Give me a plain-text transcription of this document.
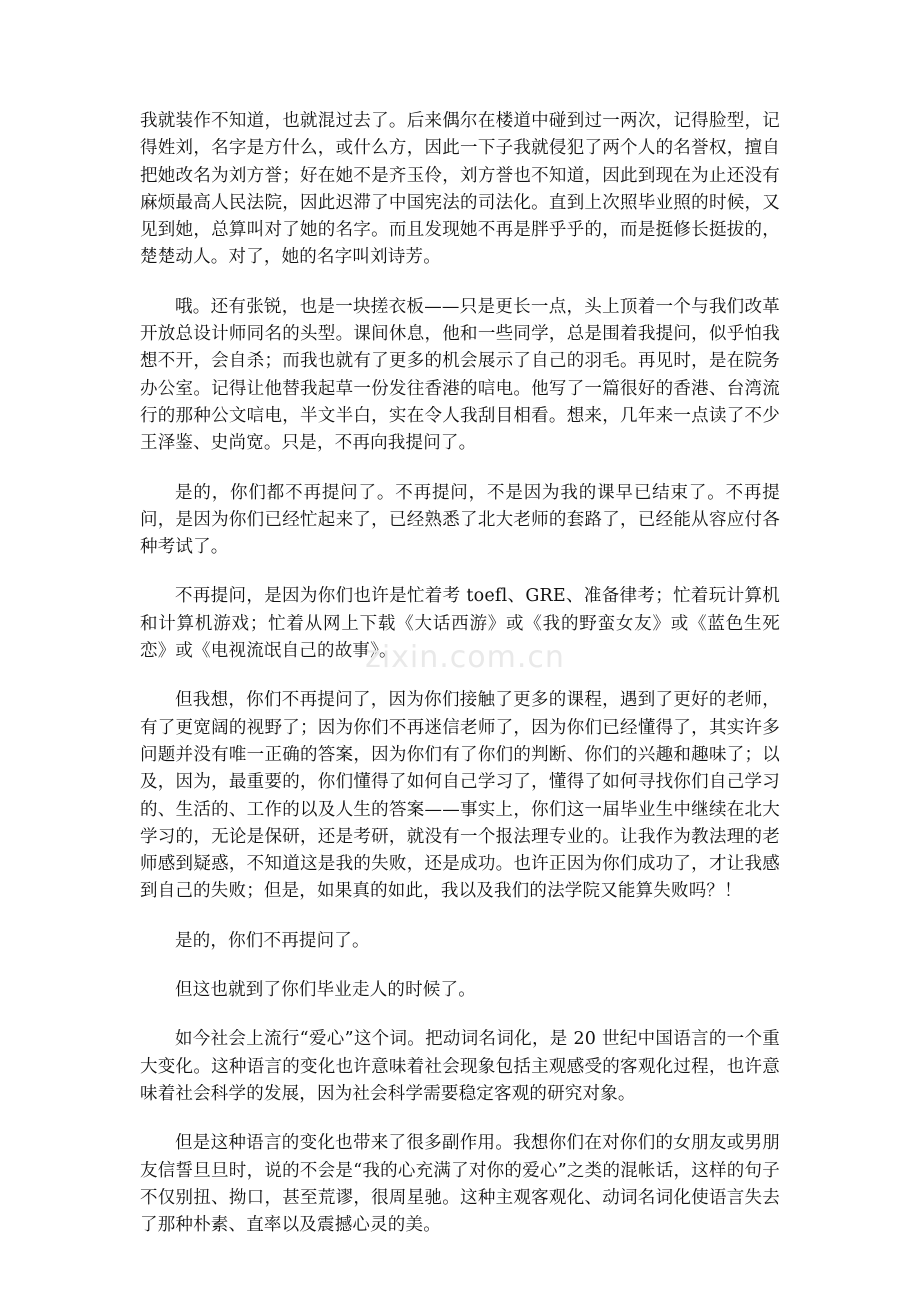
我就装作不知道，也就混过去了。后来偶尔在楼道中碰到过一两次，记得脸型，记得姓刘，名字是方什么，或什么方，因此一下子我就侵犯了两个人的名誉权，擅自把她改名为刘方誉；好在她不是齐玉伶，刘方誉也不知道，因此到现在为止还没有麻烦最高人民法院，因此迟滞了中国宪法的司法化。直到上次照毕业照的时候，又见到她，总算叫对了她的名字。而且发现她不再是胖乎乎的，而是挺修长挺拔的，楚楚动人。对了，她的名字叫刘诗芳。

哦。还有张锐，也是一块搓衣板——只是更长一点，头上顶着一个与我们改革开放总设计师同名的头型。课间休息，他和一些同学，总是围着我提问，似乎怕我想不开，会自杀；而我也就有了更多的机会展示了自己的羽毛。再见时，是在院务办公室。记得让他替我起草一份发往香港的唁电。他写了一篇很好的香港、台湾流行的那种公文唁电，半文半白，实在令人我刮目相看。想来，几年来一点读了不少王泽鉴、史尚宽。只是，不再向我提问了。

是的，你们都不再提问了。不再提问，不是因为我的课早已结束了。不再提问，是因为你们已经忙起来了，已经熟悉了北大老师的套路了，已经能从容应付各种考试了。

不再提问，是因为你们也许是忙着考 toefl、GRE、准备律考；忙着玩计算机和计算机游戏；忙着从网上下载《大话西游》或《我的野蛮女友》或《蓝色生死恋》或《电视流氓自己的故事》。

但我想，你们不再提问了，因为你们接触了更多的课程，遇到了更好的老师，有了更宽阔的视野了；因为你们不再迷信老师了，因为你们已经懂得了，其实许多问题并没有唯一正确的答案，因为你们有了你们的判断、你们的兴趣和趣味了；以及，因为，最重要的，你们懂得了如何自己学习了，懂得了如何寻找你们自己学习的、生活的、工作的以及人生的答案——事实上，你们这一届毕业生中继续在北大学习的，无论是保研，还是考研，就没有一个报法理专业的。让我作为教法理的老师感到疑惑，不知道这是我的失败，还是成功。也许正因为你们成功了，才让我感到自己的失败；但是，如果真的如此，我以及我们的法学院又能算失败吗？！

是的，你们不再提问了。

但这也就到了你们毕业走人的时候了。

如今社会上流行“爱心”这个词。把动词名词化，是 20 世纪中国语言的一个重大变化。这种语言的变化也许意味着社会现象包括主观感受的客观化过程，也许意味着社会科学的发展，因为社会科学需要稳定客观的研究对象。

但是这种语言的变化也带来了很多副作用。我想你们在对你们的女朋友或男朋友信誓旦旦时，说的不会是“我的心充满了对你的爱心”之类的混帐话，这样的句子不仅别扭、拗口，甚至荒谬，很周星驰。这种主观客观化、动词名词化使语言失去了那种朴素、直率以及震撼心灵的美。

zixin.com.cn
